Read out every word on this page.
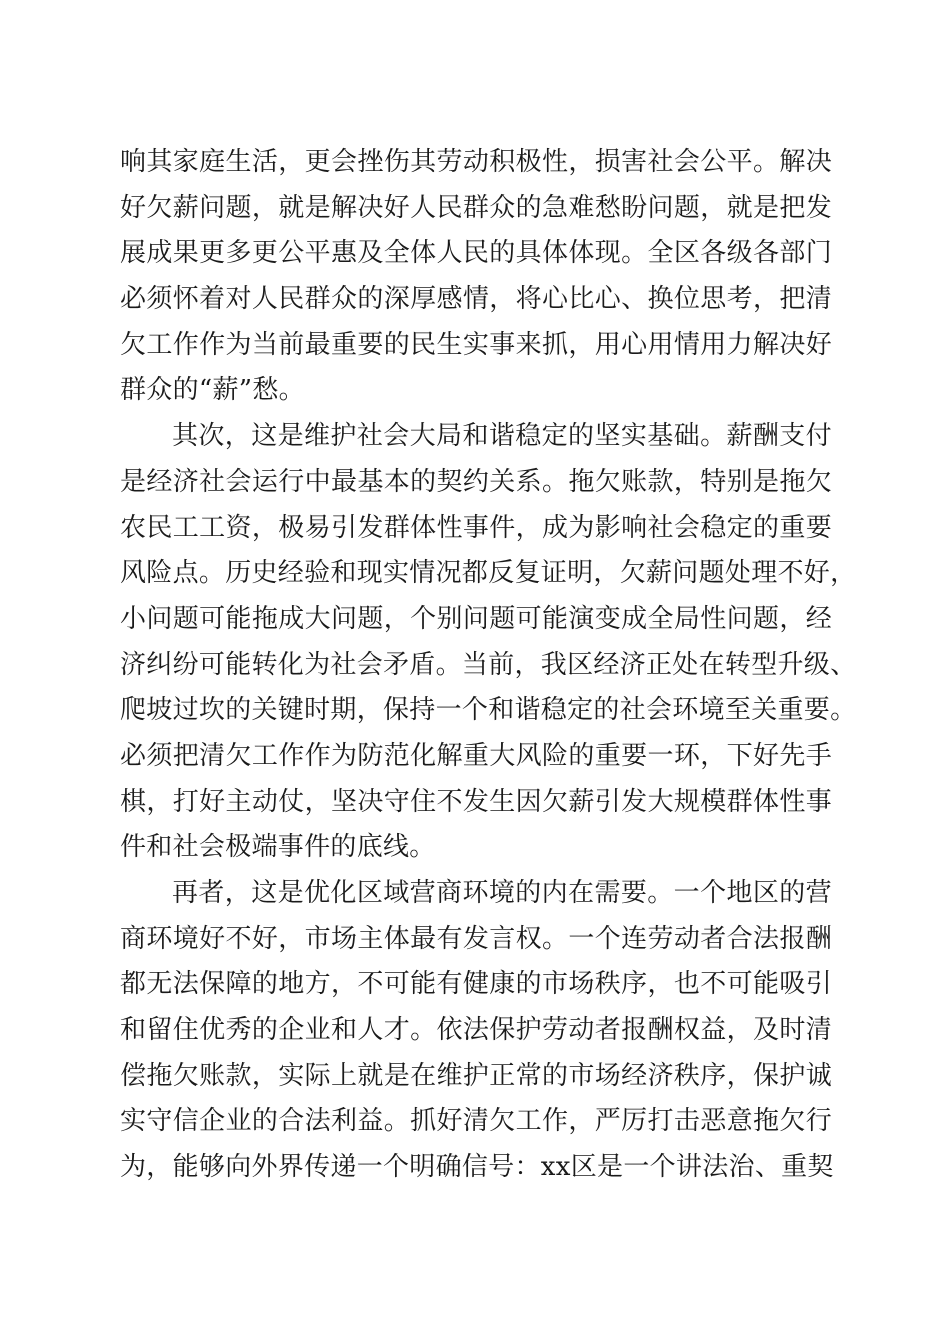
响其家庭生活，更会挫伤其劳动积极性，损害社会公平。解决
好欠薪问题，就是解决好人民群众的急难愁盼问题，就是把发
展成果更多更公平惠及全体人民的具体体现。全区各级各部门
必须怀着对人民群众的深厚感情，将心比心、换位思考，把清
欠工作作为当前最重要的民生实事来抓，用心用情用力解决好
群众的“薪”愁。
其次，这是维护社会大局和谐稳定的坚实基础。薪酬支付
是经济社会运行中最基本的契约关系。拖欠账款，特别是拖欠
农民工工资，极易引发群体性事件，成为影响社会稳定的重要
风险点。历史经验和现实情况都反复证明，欠薪问题处理不好，
小问题可能拖成大问题，个别问题可能演变成全局性问题，经
济纠纷可能转化为社会矛盾。当前，我区经济正处在转型升级、
爬坡过坎的关键时期，保持一个和谐稳定的社会环境至关重要。
必须把清欠工作作为防范化解重大风险的重要一环，下好先手
棋，打好主动仗，坚决守住不发生因欠薪引发大规模群体性事
件和社会极端事件的底线。
再者，这是优化区域营商环境的内在需要。一个地区的营
商环境好不好，市场主体最有发言权。一个连劳动者合法报酬
都无法保障的地方，不可能有健康的市场秩序，也不可能吸引
和留住优秀的企业和人才。依法保护劳动者报酬权益，及时清
偿拖欠账款，实际上就是在维护正常的市场经济秩序，保护诚
实守信企业的合法利益。抓好清欠工作，严厉打击恶意拖欠行
为，能够向外界传递一个明确信号：xx区是一个讲法治、重契
